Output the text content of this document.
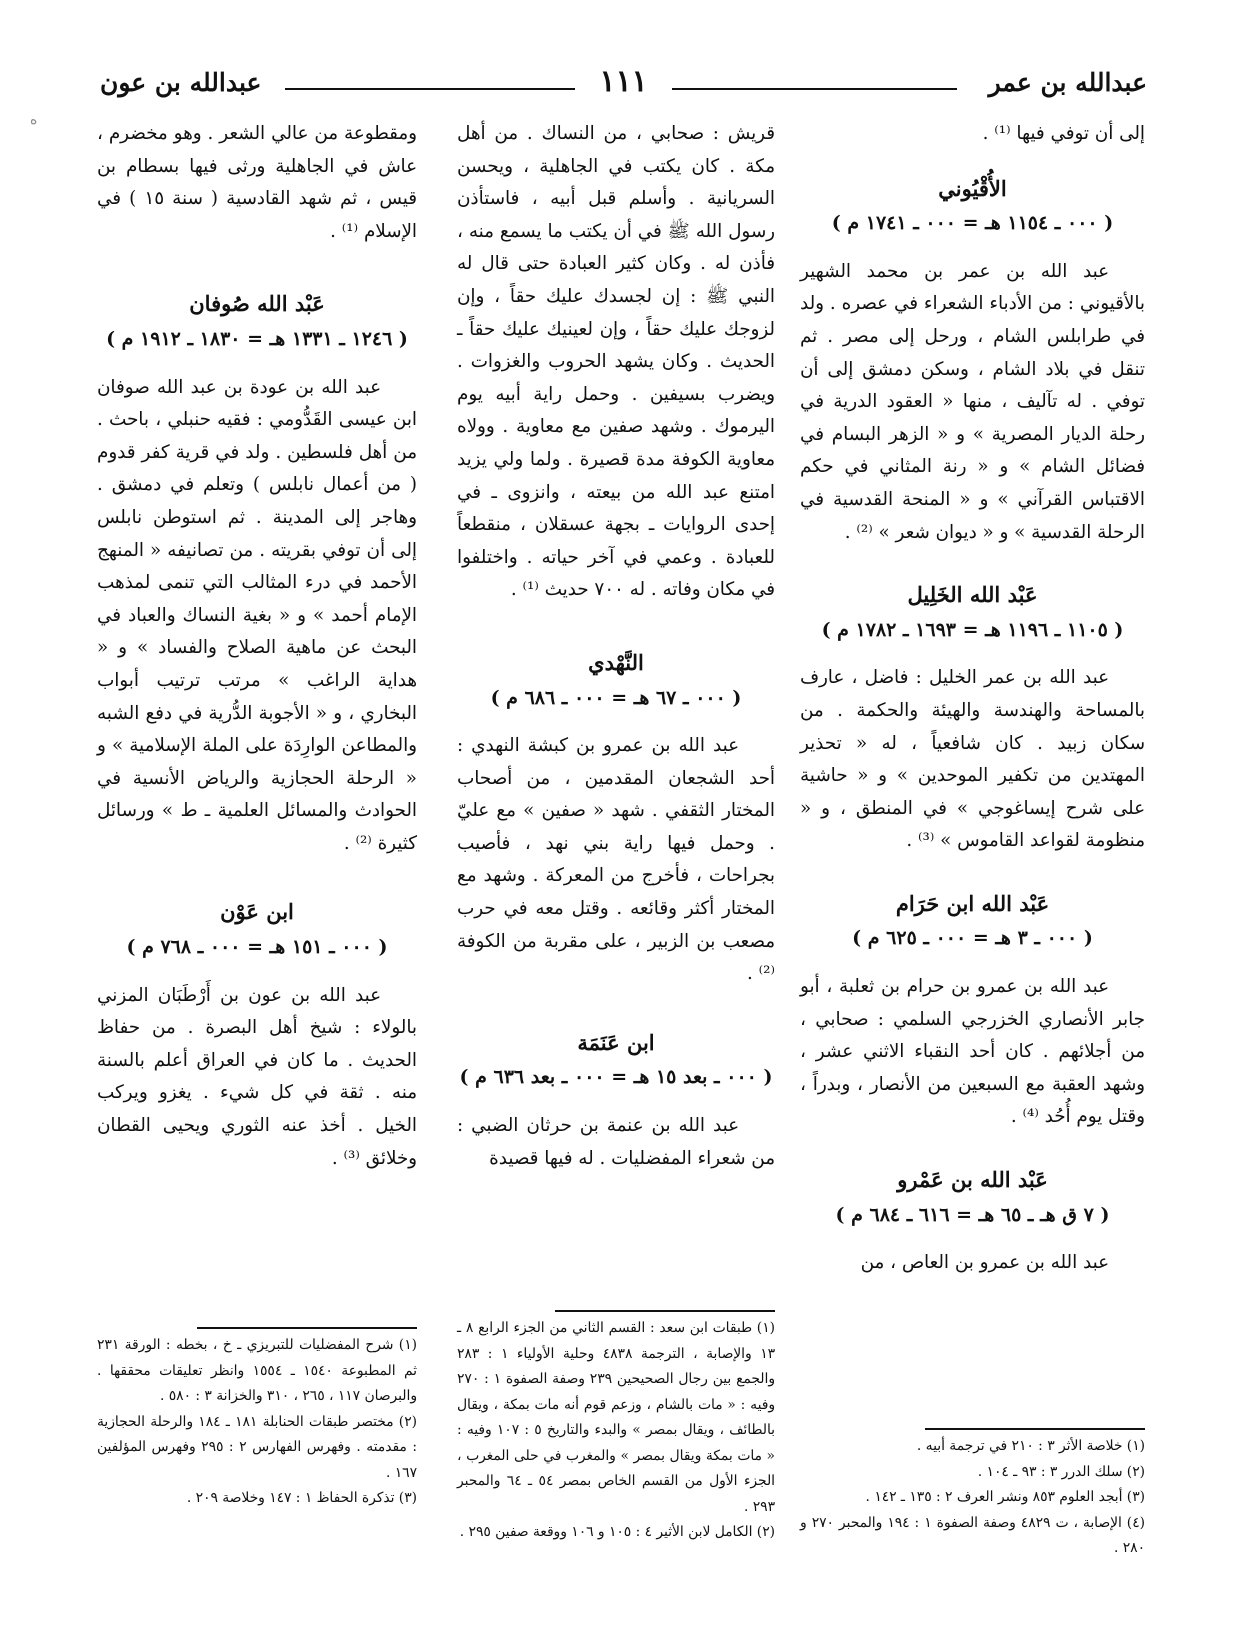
عبدالله بن عمر
١١١
عبدالله بن عون
ﻩ

إلى أن توفي فيها ⁽¹⁾ .

الأُقْيُوني

( ٠٠٠ ـ ١١٥٤ هـ = ٠٠٠ ـ ١٧٤١ م )

عبد الله بن عمر بن محمد الشهير بالأقيوني : من الأدباء الشعراء في عصره . ولد في طرابلس الشام ، ورحل إلى مصر . ثم تنقل في بلاد الشام ، وسكن دمشق إلى أن توفي . له تآليف ، منها « العقود الدرية في رحلة الديار المصرية » و « الزهر البسام في فضائل الشام » و « رنة المثاني في حكم الاقتباس القرآني » و « المنحة القدسية في الرحلة القدسية » و « ديوان شعر » ⁽²⁾ .

عَبْد الله الخَلِيل

( ١١٠٥ ـ ١١٩٦ هـ = ١٦٩٣ ـ ١٧٨٢ م )

عبد الله بن عمر الخليل : فاضل ، عارف بالمساحة والهندسة والهيئة والحكمة . من سكان زبيد . كان شافعياً ، له « تحذير المهتدين من تكفير الموحدين » و « حاشية على شرح إيساغوجي » في المنطق ، و « منظومة لقواعد القاموس » ⁽³⁾ .

عَبْد الله ابن حَرَام

( ٠٠٠ ـ ٣ هـ = ٠٠٠ ـ ٦٢٥ م )

عبد الله بن عمرو بن حرام بن ثعلبة ، أبو جابر الأنصاري الخزرجي السلمي : صحابي ، من أجلائهم . كان أحد النقباء الاثني عشر ، وشهد العقبة مع السبعين من الأنصار ، وبدراً ، وقتل يوم أُحُد ⁽⁴⁾ .

عَبْد الله بن عَمْرو

( ٧ ق هـ ـ ٦٥ هـ = ٦١٦ ـ ٦٨٤ م )

عبد الله بن عمرو بن العاص ، من

قريش : صحابي ، من النساك . من أهل مكة . كان يكتب في الجاهلية ، ويحسن السريانية . وأسلم قبل أبيه ، فاستأذن رسول الله ﷺ في أن يكتب ما يسمع منه ، فأذن له . وكان كثير العبادة حتى قال له النبي ﷺ : إن لجسدك عليك حقاً ، وإن لزوجك عليك حقاً ، وإن لعينيك عليك حقاً ـ الحديث . وكان يشهد الحروب والغزوات . ويضرب بسيفين . وحمل راية أبيه يوم اليرموك . وشهد صفين مع معاوية . وولاه معاوية الكوفة مدة قصيرة . ولما ولي يزيد امتنع عبد الله من بيعته ، وانزوى ـ في إحدى الروايات ـ بجهة عسقلان ، منقطعاً للعبادة . وعمي في آخر حياته . واختلفوا في مكان وفاته . له ٧٠٠ حديث ⁽¹⁾ .

النَّهْدي

( ٠٠٠ ـ ٦٧ هـ = ٠٠٠ ـ ٦٨٦ م )

عبد الله بن عمرو بن كبشة النهدي : أحد الشجعان المقدمين ، من أصحاب المختار الثقفي . شهد « صفين » مع عليّ . وحمل فيها راية بني نهد ، فأصيب بجراحات ، فأخرج من المعركة . وشهد مع المختار أكثر وقائعه . وقتل معه في حرب مصعب بن الزبير ، على مقربة من الكوفة ⁽²⁾ .

ابن عَنَمَة

( ٠٠٠ ـ بعد ١٥ هـ = ٠٠٠ ـ بعد ٦٣٦ م )

عبد الله بن عنمة بن حرثان الضبي : من شعراء المفضليات . له فيها قصيدة

ومقطوعة من عالي الشعر . وهو مخضرم ، عاش في الجاهلية ورثى فيها بسطام بن قيس ، ثم شهد القادسية ( سنة ١٥ ) في الإسلام ⁽¹⁾ .

عَبْد الله صُوفان

( ١٢٤٦ ـ ١٣٣١ هـ = ١٨٣٠ ـ ١٩١٢ م )

عبد الله بن عودة بن عبد الله صوفان ابن عيسى القَدُّومي : فقيه حنبلي ، باحث . من أهل فلسطين . ولد في قرية كفر قدوم ( من أعمال نابلس ) وتعلم في دمشق . وهاجر إلى المدينة . ثم استوطن نابلس إلى أن توفي بقريته . من تصانيفه « المنهج الأحمد في درء المثالب التي تنمى لمذهب الإمام أحمد » و « بغية النساك والعباد في البحث عن ماهية الصلاح والفساد » و « هداية الراغب » مرتب ترتيب أبواب البخاري ، و « الأجوبة الدُّرية في دفع الشبه والمطاعن الوارِدَة على الملة الإسلامية » و « الرحلة الحجازية والرياض الأنسية في الحوادث والمسائل العلمية ـ ط » ورسائل كثيرة ⁽²⁾ .

ابن عَوْن

( ٠٠٠ ـ ١٥١ هـ = ٠٠٠ ـ ٧٦٨ م )

عبد الله بن عون بن أَرْطَبَان المزني بالولاء : شيخ أهل البصرة . من حفاظ الحديث . ما كان في العراق أعلم بالسنة منه . ثقة في كل شيء . يغزو ويركب الخيل . أخذ عنه الثوري ويحيى القطان وخلائق ⁽³⁾ .

(١) خلاصة الأثر ٣ : ٢١٠ في ترجمة أبيه .

(٢) سلك الدرر ٣ : ٩٣ ـ ١٠٤ .

(٣) أبجد العلوم ٨٥٣ ونشر العرف ٢ : ١٣٥ ـ ١٤٢ .

(٤) الإصابة ، ت ٤٨٢٩ وصفة الصفوة ١ : ١٩٤ والمحبر ٢٧٠ و ٢٨٠ .

(١) طبقات ابن سعد : القسم الثاني من الجزء الرابع ٨ ـ ١٣ والإصابة ، الترجمة ٤٨٣٨ وحلية الأولياء ١ : ٢٨٣ والجمع بين رجال الصحيحين ٢٣٩ وصفة الصفوة ١ : ٢٧٠ وفيه : « مات بالشام ، وزعم قوم أنه مات بمكة ، ويقال بالطائف ، ويقال بمصر » والبدء والتاريخ ٥ : ١٠٧ وفيه : « مات بمكة ويقال بمصر » والمغرب في حلى المغرب ، الجزء الأول من القسم الخاص بمصر ٥٤ ـ ٦٤ والمحبر ٢٩٣ .

(٢) الكامل لابن الأثير ٤ : ١٠٥ و ١٠٦ ووقعة صفين ٢٩٥ .

(١) شرح المفضليات للتبريزي ـ خ ، بخطه : الورقة ٢٣١ ثم المطبوعة ١٥٤٠ ـ ١٥٥٤ وانظر تعليقات محققها . والبرصان ١١٧ ، ٢٦٥ ، ٣١٠ والخزانة ٣ : ٥٨٠ .

(٢) مختصر طبقات الحنابلة ١٨١ ـ ١٨٤ والرحلة الحجازية : مقدمته . وفهرس الفهارس ٢ : ٢٩٥ وفهرس المؤلفين ١٦٧ .

(٣) تذكرة الحفاظ ١ : ١٤٧ وخلاصة ٢٠٩ .
